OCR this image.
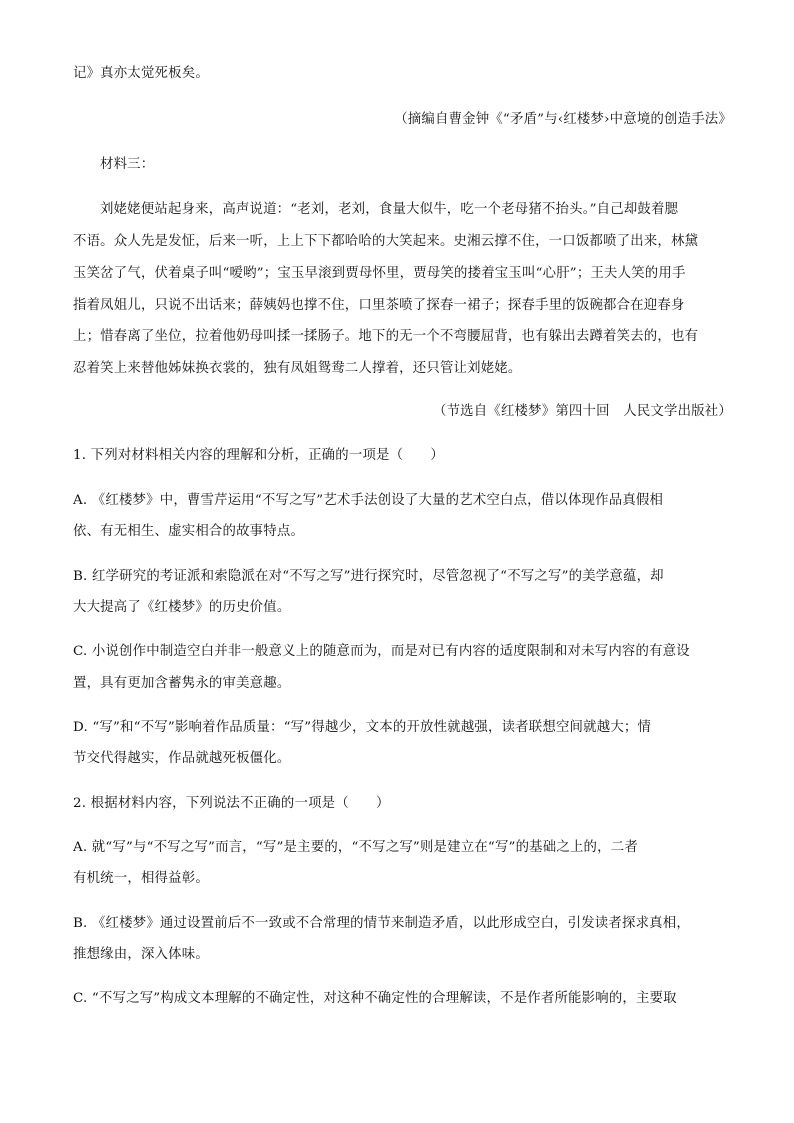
记》真亦太觉死板矣。
（摘编自曹金钟《“矛盾”与‹红楼梦›中意境的创造手法》
材料三：
刘姥姥便站起身来，高声说道：“老刘，老刘，食量大似牛，吃一个老母猪不抬头。”自己却鼓着腮
不语。众人先是发怔，后来一听，上上下下都哈哈的大笑起来。史湘云撑不住，一口饭都喷了出来，林黛
玉笑岔了气，伏着桌子叫“嗳哟”；宝玉早滚到贾母怀里，贾母笑的搂着宝玉叫“心肝”；王夫人笑的用手
指着凤姐儿，只说不出话来；薛姨妈也撑不住，口里茶喷了探春一裙子；探春手里的饭碗都合在迎春身
上；惜春离了坐位，拉着他奶母叫揉一揉肠子。地下的无一个不弯腰屈背，也有躲出去蹲着笑去的，也有
忍着笑上来替他姊妹换衣裳的，独有凤姐鸳鸯二人撑着，还只管让刘姥姥。
（节选自《红楼梦》第四十回　人民文学出版社）
1. 下列对材料相关内容的理解和分析，正确的一项是（　　）
A. 《红楼梦》中，曹雪芹运用“不写之写”艺术手法创设了大量的艺术空白点，借以体现作品真假相
依、有无相生、虚实相合的故事特点。
B. 红学研究的考证派和索隐派在对“不写之写”进行探究时，尽管忽视了“不写之写”的美学意蕴，却
大大提高了《红楼梦》的历史价值。
C. 小说创作中制造空白并非一般意义上的随意而为，而是对已有内容的适度限制和对未写内容的有意设
置，具有更加含蓄隽永的审美意趣。
D. “写”和“不写”影响着作品质量：“写”得越少，文本的开放性就越强，读者联想空间就越大；情
节交代得越实，作品就越死板僵化。
2. 根据材料内容，下列说法不正确的一项是（　　）
A. 就“写”与“不写之写”而言，“写”是主要的，“不写之写”则是建立在“写”的基础之上的，二者
有机统一，相得益彰。
B. 《红楼梦》通过设置前后不一致或不合常理的情节来制造矛盾，以此形成空白，引发读者探求真相，
推想缘由，深入体味。
C. “不写之写”构成文本理解的不确定性，对这种不确定性的合理解读，不是作者所能影响的，主要取
